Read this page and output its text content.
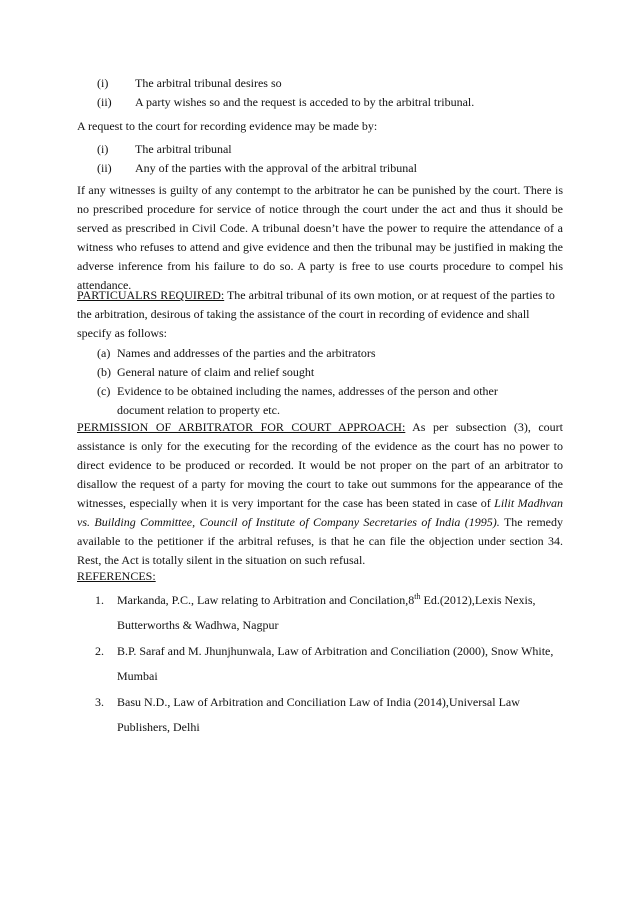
(i)	The arbitral tribunal desires so
(ii)	A party wishes so and the request is acceded to by the arbitral tribunal.

A request to the court for recording evidence may be made by:

(i)	The arbitral tribunal
(ii)	Any of the parties with the approval of the arbitral tribunal

If any witnesses is guilty of any contempt to the arbitrator he can be punished by the court. There is no prescribed procedure for service of notice through the court under the act and thus it should be served as prescribed in Civil Code. A tribunal doesn’t have the power to require the attendance of a witness who refuses to attend and give evidence and then the tribunal may be justified in making the adverse inference from his failure to do so. A party is free to use courts procedure to compel his attendance.

PARTICUALRS REQUIRED: The arbitral tribunal of its own motion, or at request of the parties to the arbitration, desirous of taking the assistance of the court in recording of evidence and shall specify as follows:

(a) Names and addresses of the parties and the arbitrators
(b) General nature of claim and relief sought
(c) Evidence to be obtained including the names, addresses of the person and other document relation to property etc.

PERMISSION OF ARBITRATOR FOR COURT APPROACH: As per subsection (3), court assistance is only for the executing for the recording of the evidence as the court has no power to direct evidence to be produced or recorded. It would be not proper on the part of an arbitrator to disallow the request of a party for moving the court to take out summons for the appearance of the witnesses, especially when it is very important for the case has been stated in case of Lilit Madhvan vs. Building Committee, Council of Institute of Company Secretaries of India (1995). The remedy available to the petitioner if the arbitral refuses, is that he can file the objection under section 34. Rest, the Act is totally silent in the situation on such refusal.

REFERENCES:

1.	Markanda, P.C., Law relating to Arbitration and Concilation,8th Ed.(2012),Lexis Nexis, Butterworths & Wadhwa, Nagpur
2.	B.P. Saraf and M. Jhunjhunwala, Law of Arbitration and Conciliation (2000), Snow White, Mumbai
3.	Basu N.D., Law of Arbitration and Conciliation Law of India (2014),Universal Law Publishers, Delhi
